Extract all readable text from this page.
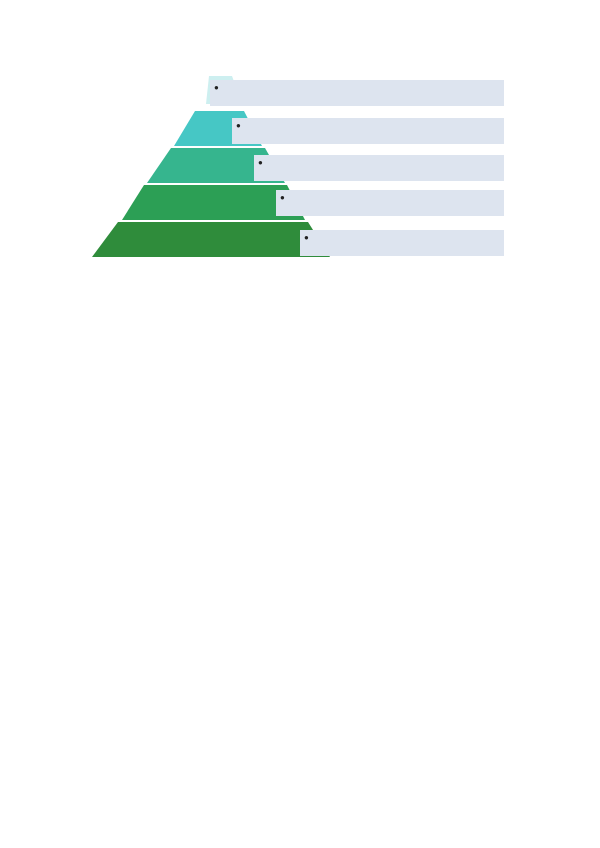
●
●
●
●
●
